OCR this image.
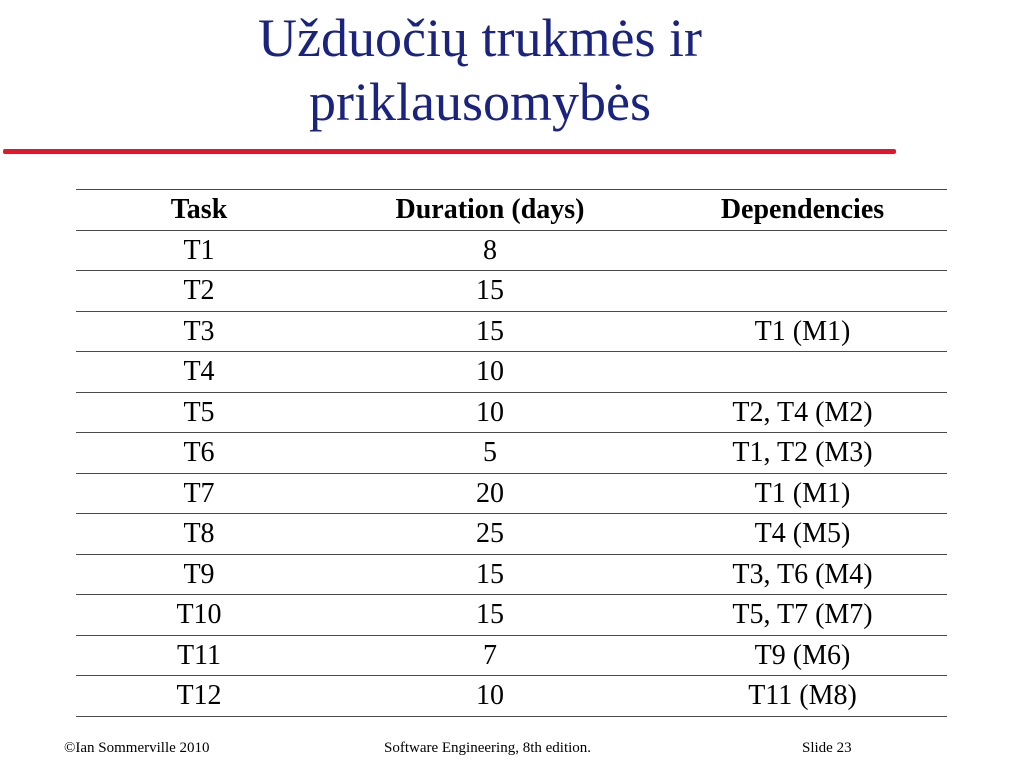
Užduočių trukmės ir
priklausomybės
Task	Duration (days)	Dependencies
T1	8	
T2	15	
T3	15	T1 (M1)
T4	10	
T5	10	T2, T4 (M2)
T6	5	T1, T2 (M3)
T7	20	T1 (M1)
T8	25	T4 (M5)
T9	15	T3, T6 (M4)
T10	15	T5, T7 (M7)
T11	7	T9 (M6)
T12	10	T11 (M8)
©Ian Sommerville 2010	Software Engineering, 8th edition.	Slide 23
